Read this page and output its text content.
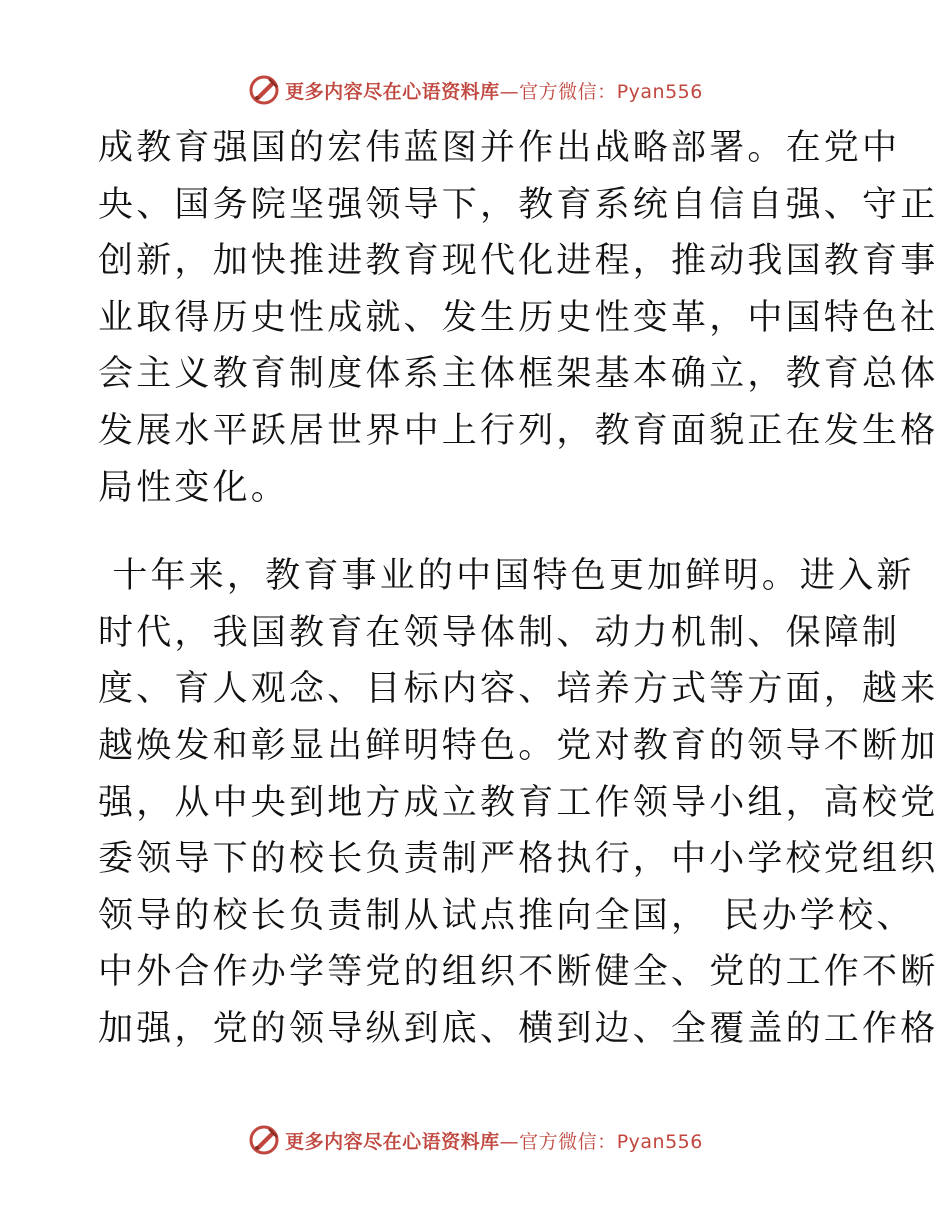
更多内容尽在心语资料库—官方微信：Pyan556

成教育强国的宏伟蓝图并作出战略部署。在党中
央、国务院坚强领导下，教育系统自信自强、守正
创新，加快推进教育现代化进程，推动我国教育事
业取得历史性成就、发生历史性变革，中国特色社
会主义教育制度体系主体框架基本确立，教育总体
发展水平跃居世界中上行列，教育面貌正在发生格
局性变化。

十年来，教育事业的中国特色更加鲜明。进入新
时代，我国教育在领导体制、动力机制、保障制
度、育人观念、目标内容、培养方式等方面，越来
越焕发和彰显出鲜明特色。党对教育的领导不断加
强，从中央到地方成立教育工作领导小组，高校党
委领导下的校长负责制严格执行，中小学校党组织
领导的校长负责制从试点推向全国， 民办学校、
中外合作办学等党的组织不断健全、党的工作不断
加强，党的领导纵到底、横到边、全覆盖的工作格

更多内容尽在心语资料库—官方微信：Pyan556
